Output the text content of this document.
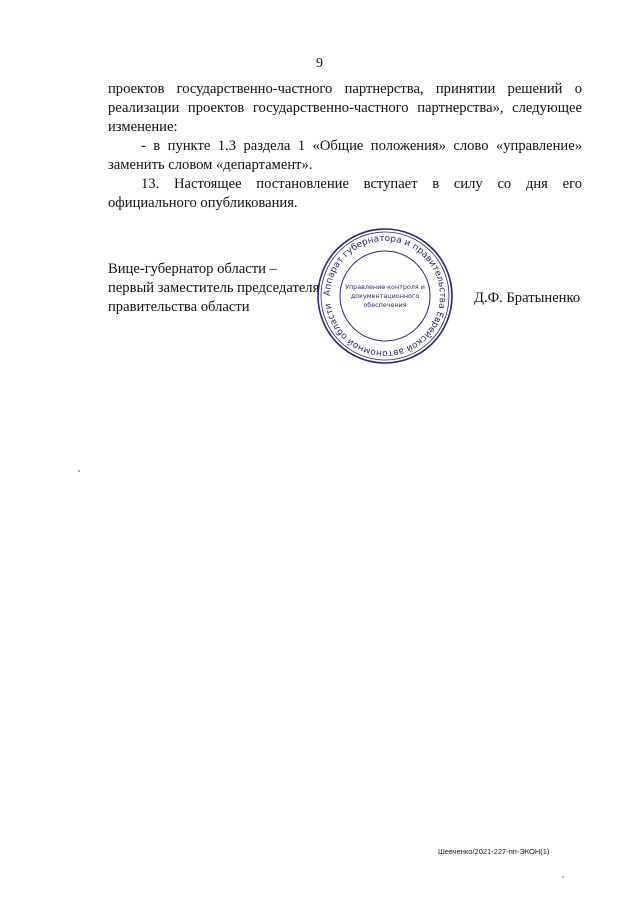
9

проектов государственно-частного партнерства, принятии решений о реализации проектов государственно-частного партнерства», следующее изменение:

- в пункте 1.3 раздела 1 «Общие положения» слово «управление» заменить словом «департамент».

13. Настоящее постановление вступает в силу со дня его официального опубликования.

Вице-губернатор области –
первый заместитель председателя
правительства области
Аппарат губернатора и правительства Еврейской автономной области
Управление контроля и
документационного
обеспечения	Д.Ф. Братыненко
Шевченко/2021-227-пп-ЭКОН(1)
